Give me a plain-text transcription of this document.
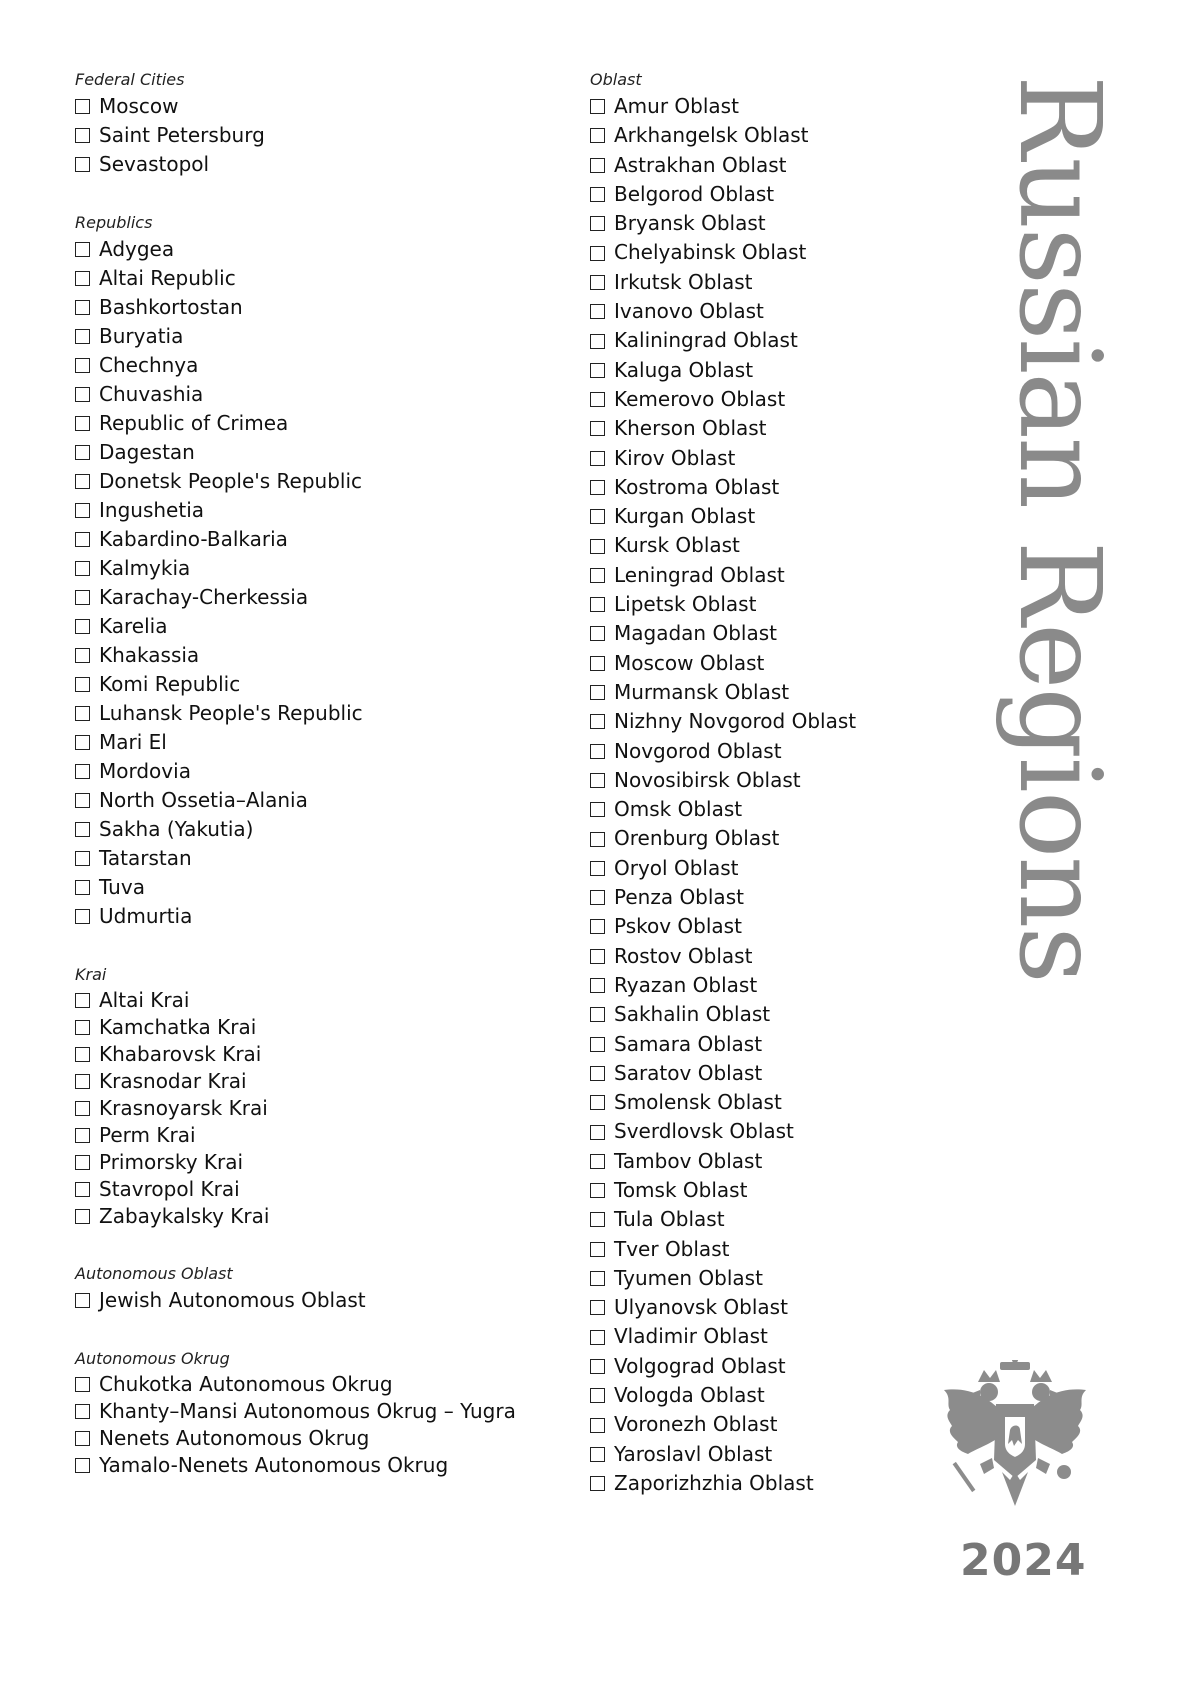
Federal Cities
Moscow
Saint Petersburg
Sevastopol
Republics
Adygea
Altai Republic
Bashkortostan
Buryatia
Chechnya
Chuvashia
Republic of Crimea
Dagestan
Donetsk People's Republic
Ingushetia
Kabardino-Balkaria
Kalmykia
Karachay-Cherkessia
Karelia
Khakassia
Komi Republic
Luhansk People's Republic
Mari El
Mordovia
North Ossetia–Alania
Sakha (Yakutia)
Tatarstan
Tuva
Udmurtia
Krai
Altai Krai
Kamchatka Krai
Khabarovsk Krai
Krasnodar Krai
Krasnoyarsk Krai
Perm Krai
Primorsky Krai
Stavropol Krai
Zabaykalsky Krai
Autonomous Oblast
Jewish Autonomous Oblast
Autonomous Okrug
Chukotka Autonomous Okrug
Khanty–Mansi Autonomous Okrug – Yugra
Nenets Autonomous Okrug
Yamalo-Nenets Autonomous Okrug
Oblast
Amur Oblast
Arkhangelsk Oblast
Astrakhan Oblast
Belgorod Oblast
Bryansk Oblast
Chelyabinsk Oblast
Irkutsk Oblast
Ivanovo Oblast
Kaliningrad Oblast
Kaluga Oblast
Kemerovo Oblast
Kherson Oblast
Kirov Oblast
Kostroma Oblast
Kurgan Oblast
Kursk Oblast
Leningrad Oblast
Lipetsk Oblast
Magadan Oblast
Moscow Oblast
Murmansk Oblast
Nizhny Novgorod Oblast
Novgorod Oblast
Novosibirsk Oblast
Omsk Oblast
Orenburg Oblast
Oryol Oblast
Penza Oblast
Pskov Oblast
Rostov Oblast
Ryazan Oblast
Sakhalin Oblast
Samara Oblast
Saratov Oblast
Smolensk Oblast
Sverdlovsk Oblast
Tambov Oblast
Tomsk Oblast
Tula Oblast
Tver Oblast
Tyumen Oblast
Ulyanovsk Oblast
Vladimir Oblast
Volgograd Oblast
Vologda Oblast
Voronezh Oblast
Yaroslavl Oblast
Zaporizhzhia Oblast
Russian Regions
2024
